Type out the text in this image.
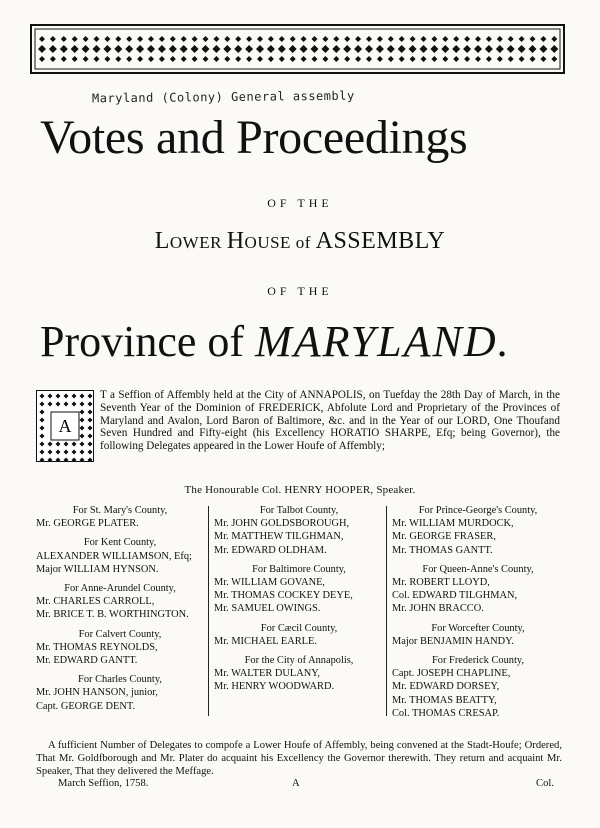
Maryland (Colony) General assembly
Votes and Proceedings
OF THE
LOWER HOUSE of ASSEMBLY
OF THE
Province of MARYLAND.
A
T a Seffion of Affembly held at the City of ANNAPOLIS, on Tuefday the 28th Day of March, in the Seventh Year of the Dominion of FREDERICK, Abfolute Lord and Proprietary of the Provinces of Maryland and Avalon, Lord Baron of Baltimore, &c. and in the Year of our LORD, One Thoufand Seven Hundred and Fifty-eight (his Excellency HORATIO SHARPE, Efq; being Governor), the following Delegates appeared in the Lower Houfe of Affembly;
The Honourable Col. HENRY HOOPER, Speaker.
For St. Mary's County,
Mr. GEORGE PLATER.
For Kent County,
ALEXANDER WILLIAMSON, Efq;
Major WILLIAM HYNSON.
For Anne-Arundel County,
Mr. CHARLES CARROLL,
Mr. BRICE T. B. WORTHINGTON.
For Calvert County,
Mr. THOMAS REYNOLDS,
Mr. EDWARD GANTT.
For Charles County,
Mr. JOHN HANSON, junior,
Capt. GEORGE DENT.
For Talbot County,
Mr. JOHN GOLDSBOROUGH,
Mr. MATTHEW TILGHMAN,
Mr. EDWARD OLDHAM.
For Baltimore County,
Mr. WILLIAM GOVANE,
Mr. THOMAS COCKEY DEYE,
Mr. SAMUEL OWINGS.
For Cæcil County,
Mr. MICHAEL EARLE.
For the City of Annapolis,
Mr. WALTER DULANY,
Mr. HENRY WOODWARD.
For Prince-George's County,
Mr. WILLIAM MURDOCK,
Mr. GEORGE FRASER,
Mr. THOMAS GANTT.
For Queen-Anne's County,
Mr. ROBERT LLOYD,
Col. EDWARD TILGHMAN,
Mr. JOHN BRACCO.
For Worcefter County,
Major BENJAMIN HANDY.
For Frederick County,
Capt. JOSEPH CHAPLINE,
Mr. EDWARD DORSEY,
Mr. THOMAS BEATTY,
Col. THOMAS CRESAP.
A fufficient Number of Delegates to compofe a Lower Houfe of Affembly, being convened at the Stadt-Houfe; Ordered, That Mr. Goldfborough and Mr. Plater do acquaint his Excellency the Governor therewith. They return and acquaint Mr. Speaker, That they delivered the Meffage.
March Seffion, 1758.	A	Col.
